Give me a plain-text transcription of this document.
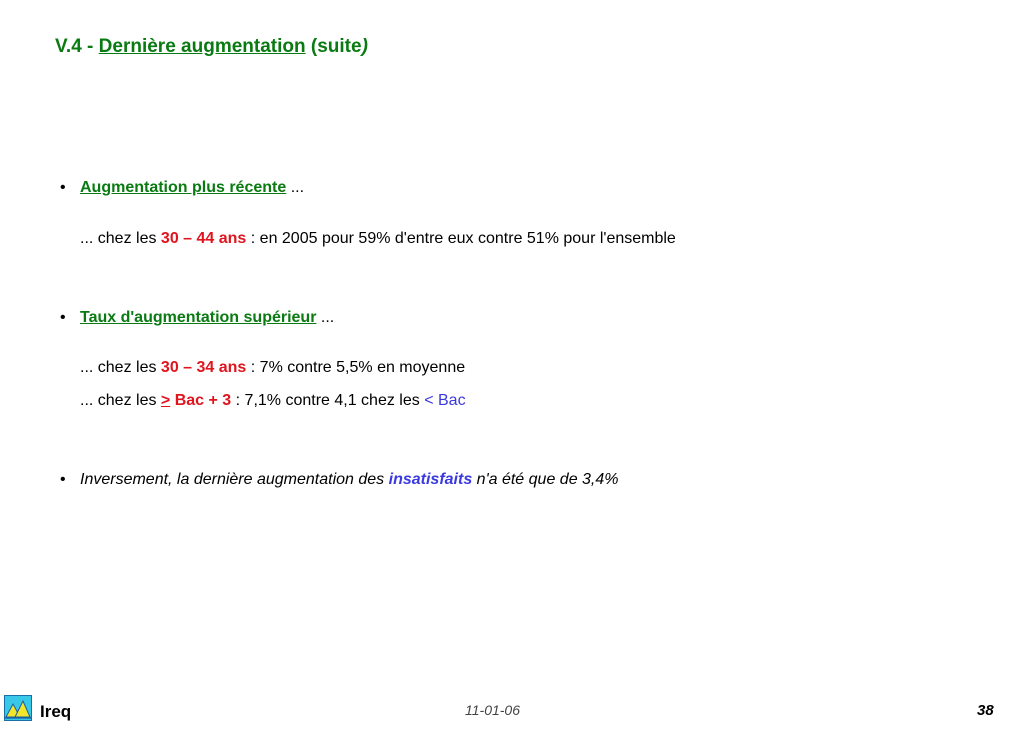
V.4 - Dernière augmentation (suite)
• Augmentation plus récente ...
... chez les 30 – 44 ans : en 2005 pour 59% d'entre eux contre 51% pour l'ensemble
• Taux d'augmentation supérieur ...
... chez les 30 – 34 ans : 7% contre 5,5% en moyenne
... chez les > Bac + 3 : 7,1% contre 4,1 chez les < Bac
• Inversement, la dernière augmentation des insatisfaits n'a été que de 3,4%
Ireq	11-01-06	38
